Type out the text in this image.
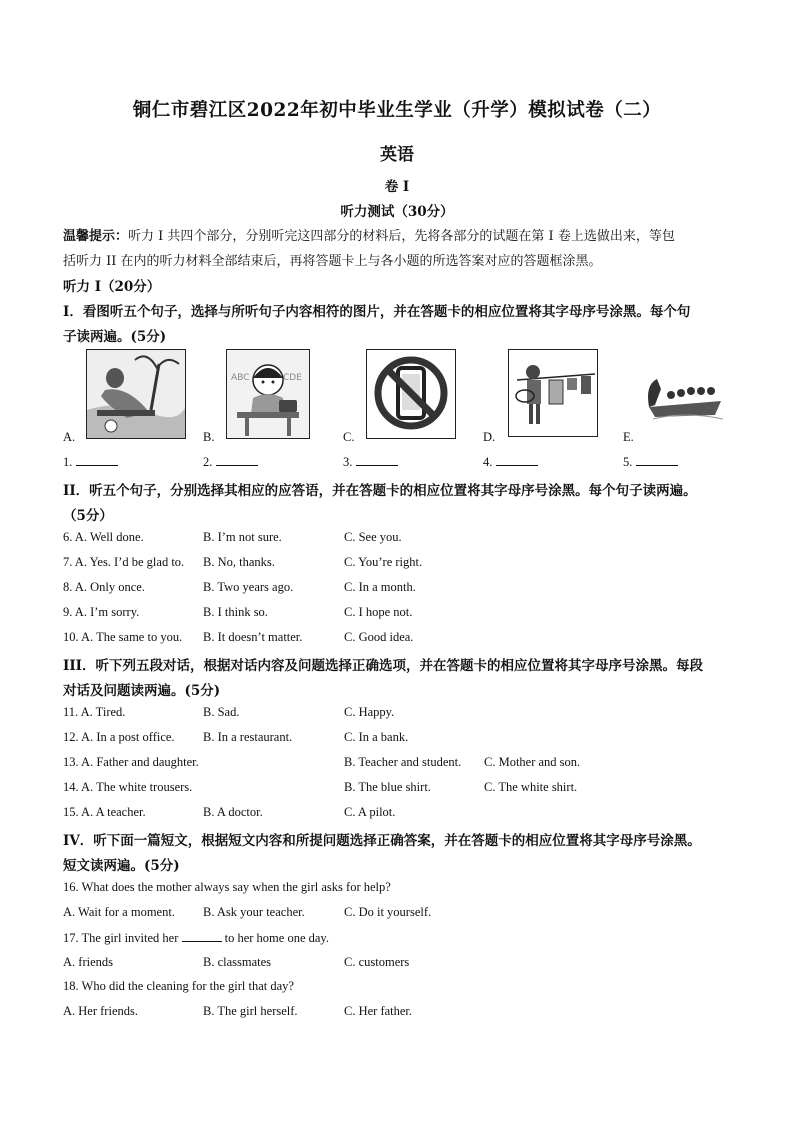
铜仁市碧江区2022年初中毕业生学业（升学）模拟试卷（二）
英语
卷 I
听力测试（30分）
温馨提示：听力 I 共四个部分，分别听完这四部分的材料后，先将各部分的试题在第 I 卷上选做出来，等包
括听力 II 在内的听力材料全部结束后，再将答题卡上与各小题的所选答案对应的答题框涂黑。
听力 I（20分）
I．看图听五个句子，选择与所听句子内容相符的图片，并在答题卡的相应位置将其字母序号涂黑。每个句
子读两遍。(5分)
ABC	CDE
A.	B.	C.	D.	E.
1.	2.	3.	4.	5.
II．听五个句子，分别选择其相应的应答语，并在答题卡的相应位置将其字母序号涂黑。每个句子读两遍。
（5分）
6. A. Well done.	B. I’m not sure.	C. See you.
7. A. Yes. I’d be glad to. B. No, thanks.	C. You’re right.
8. A. Only once.	B. Two years ago.	C. In a month.
9. A. I’m sorry.	B. I think so.	C. I hope not.
10. A. The same to you. B. It doesn’t matter.	C. Good idea.
III．听下列五段对话，根据对话内容及问题选择正确选项，并在答题卡的相应位置将其字母序号涂黑。每段
对话及问题读两遍。(5分)
11. A. Tired.	B. Sad.	C. Happy.
12. A. In a post office. B. In a restaurant.	C. In a bank.
13. A. Father and daughter.	B. Teacher and student. C. Mother and son.
14. A. The white trousers.	B. The blue shirt.	C. The white shirt.
15. A. A teacher.	B. A doctor.	C. A pilot.
IV．听下面一篇短文，根据短文内容和所提问题选择正确答案，并在答题卡的相应位置将其字母序号涂黑。
短文读两遍。(5分)
16. What does the mother always say when the girl asks for help?
A. Wait for a moment. B. Ask your teacher.	C. Do it yourself.
17. The girl invited her	to her home one day.
A. friends	B. classmates	C. customers
18. Who did the cleaning for the girl that day?
A. Her friends.	B. The girl herself.	C. Her father.
